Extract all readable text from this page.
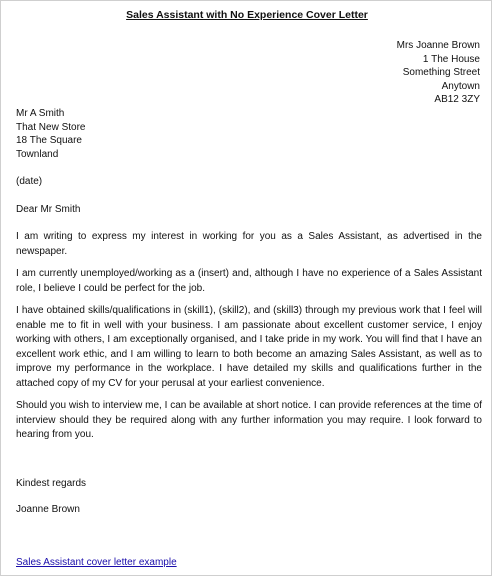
Sales Assistant with No Experience Cover Letter
Mrs Joanne Brown
1 The House
Something Street
Anytown
AB12 3ZY
Mr A Smith
That New Store
18 The Square
Townland
(date)
Dear Mr Smith

I am writing to express my interest in working for you as a Sales Assistant, as advertised in the newspaper.

I am currently unemployed/working as a (insert) and, although I have no experience of a Sales Assistant role, I believe I could be perfect for the job.

I have obtained skills/qualifications in (skill1), (skill2), and (skill3) through my previous work that I feel will enable me to fit in well with your business. I am passionate about excellent customer service, I enjoy working with others, I am exceptionally organised, and I take pride in my work. You will find that I have an excellent work ethic, and I am willing to learn to both become an amazing Sales Assistant, as well as to improve my performance in the workplace. I have detailed my skills and qualifications further in the attached copy of my CV for your perusal at your earliest convenience.

Should you wish to interview me, I can be available at short notice. I can provide references at the time of interview should they be required along with any further information you may require. I look forward to hearing from you.

Kindest regards
Joanne Brown
Sales Assistant cover letter example
